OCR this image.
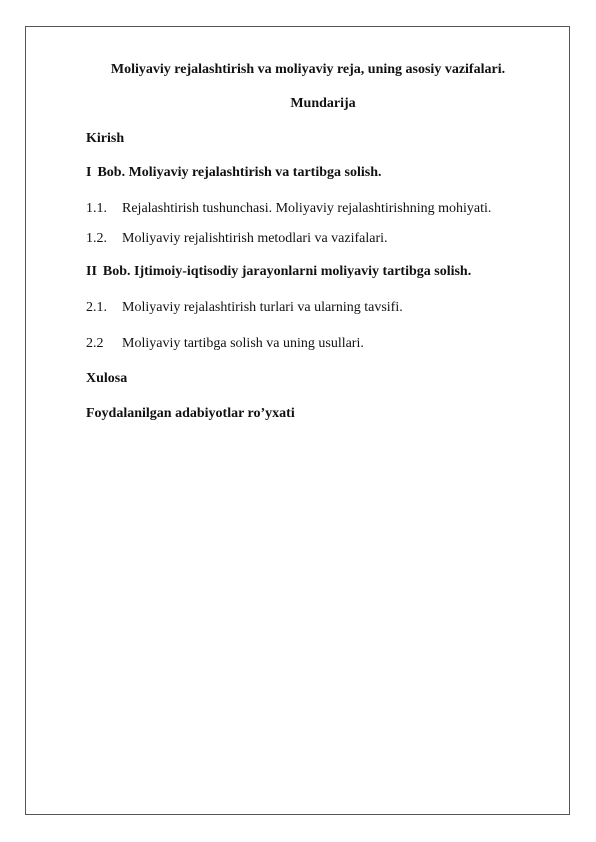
Moliyaviy rejalashtirish va moliyaviy reja, uning asosiy vazifalari.
Mundarija
Kirish
I Bob. Moliyaviy rejalashtirish va tartibga solish.
1.1. Rejalashtirish tushunchasi. Moliyaviy rejalashtirishning mohiyati.
1.2. Moliyaviy rejalishtirish metodlari va vazifalari.
II Bob. Ijtimoiy-iqtisodiy jarayonlarni moliyaviy tartibga solish.
2.1. Moliyaviy rejalashtirish turlari va ularning tavsifi.
2.2 Moliyaviy tartibga solish va uning usullari.
Xulosa
Foydalanilgan adabiyotlar ro’yxati
